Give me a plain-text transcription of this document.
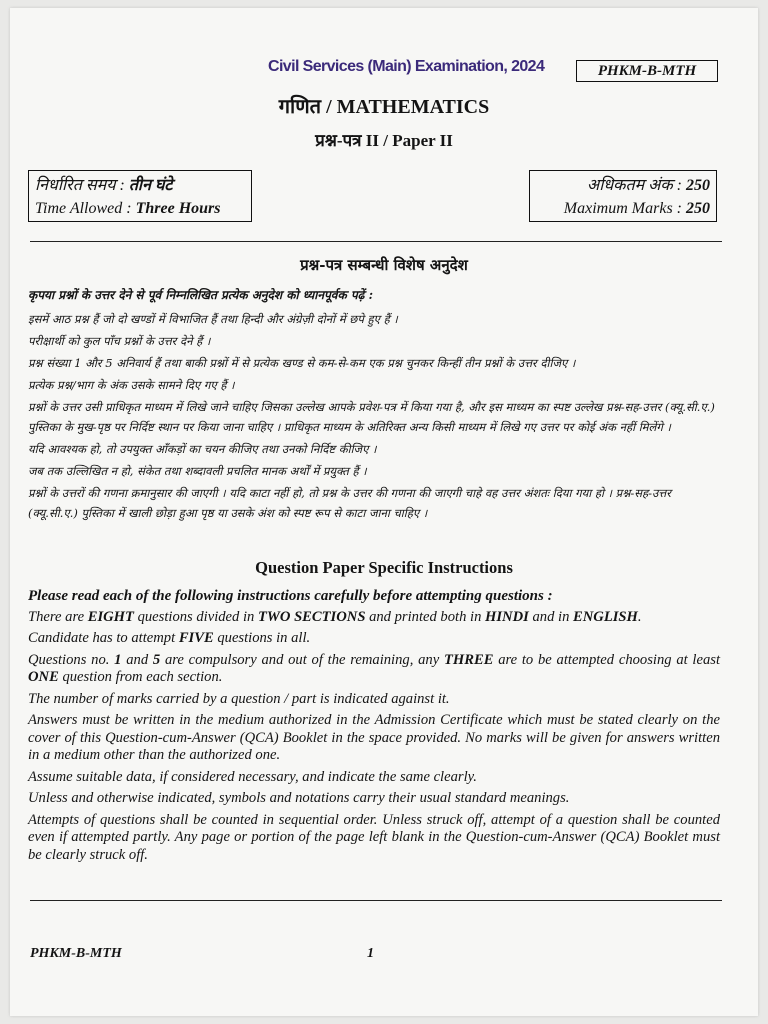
Civil Services (Main) Examination, 2024	PHKM-B-MTH
गणित / MATHEMATICS
प्रश्न-पत्र II / Paper II
निर्धारित समय : तीन घंटे
Time Allowed : Three Hours
अधिकतम अंक : 250
Maximum Marks : 250
प्रश्न-पत्र सम्बन्धी विशेष अनुदेश

कृपया प्रश्नों के उत्तर देने से पूर्व निम्नलिखित प्रत्येक अनुदेश को ध्यानपूर्वक पढ़ें :

इसमें आठ प्रश्न हैं जो दो खण्डों में विभाजित हैं तथा हिन्दी और अंग्रेज़ी दोनों में छपे हुए हैं ।

परीक्षार्थी को कुल पाँच प्रश्नों के उत्तर देने हैं ।

प्रश्न संख्या 1 और 5 अनिवार्य हैं तथा बाकी प्रश्नों में से प्रत्येक खण्ड से कम-से-कम एक प्रश्न चुनकर किन्हीं तीन प्रश्नों के उत्तर दीजिए ।

प्रत्येक प्रश्न/भाग के अंक उसके सामने दिए गए हैं ।

प्रश्नों के उत्तर उसी प्राधिकृत माध्यम में लिखे जाने चाहिए जिसका उल्लेख आपके प्रवेश-पत्र में किया गया है, और इस माध्यम का स्पष्ट उल्लेख प्रश्न-सह-उत्तर (क्यू.सी.ए.) पुस्तिका के मुख-पृष्ठ पर निर्दिष्ट स्थान पर किया जाना चाहिए । प्राधिकृत माध्यम के अतिरिक्त अन्य किसी माध्यम में लिखे गए उत्तर पर कोई अंक नहीं मिलेंगे ।

यदि आवश्यक हो, तो उपयुक्त आँकड़ों का चयन कीजिए तथा उनको निर्दिष्ट कीजिए ।

जब तक उल्लिखित न हो, संकेत तथा शब्दावली प्रचलित मानक अर्थों में प्रयुक्त हैं ।

प्रश्नों के उत्तरों की गणना क्रमानुसार की जाएगी । यदि काटा नहीं हो, तो प्रश्न के उत्तर की गणना की जाएगी चाहे वह उत्तर अंशतः दिया गया हो । प्रश्न-सह-उत्तर (क्यू.सी.ए.) पुस्तिका में खाली छोड़ा हुआ पृष्ठ या उसके अंश को स्पष्ट रूप से काटा जाना चाहिए ।

Question Paper Specific Instructions

Please read each of the following instructions carefully before attempting questions :

There are EIGHT questions divided in TWO SECTIONS and printed both in HINDI and in ENGLISH.

Candidate has to attempt FIVE questions in all.

Questions no. 1 and 5 are compulsory and out of the remaining, any THREE are to be attempted choosing at least ONE question from each section.

The number of marks carried by a question / part is indicated against it.

Answers must be written in the medium authorized in the Admission Certificate which must be stated clearly on the cover of this Question-cum-Answer (QCA) Booklet in the space provided. No marks will be given for answers written in a medium other than the authorized one.

Assume suitable data, if considered necessary, and indicate the same clearly.

Unless and otherwise indicated, symbols and notations carry their usual standard meanings.

Attempts of questions shall be counted in sequential order. Unless struck off, attempt of a question shall be counted even if attempted partly. Any page or portion of the page left blank in the Question-cum-Answer (QCA) Booklet must be clearly struck off.

PHKM-B-MTH	1
